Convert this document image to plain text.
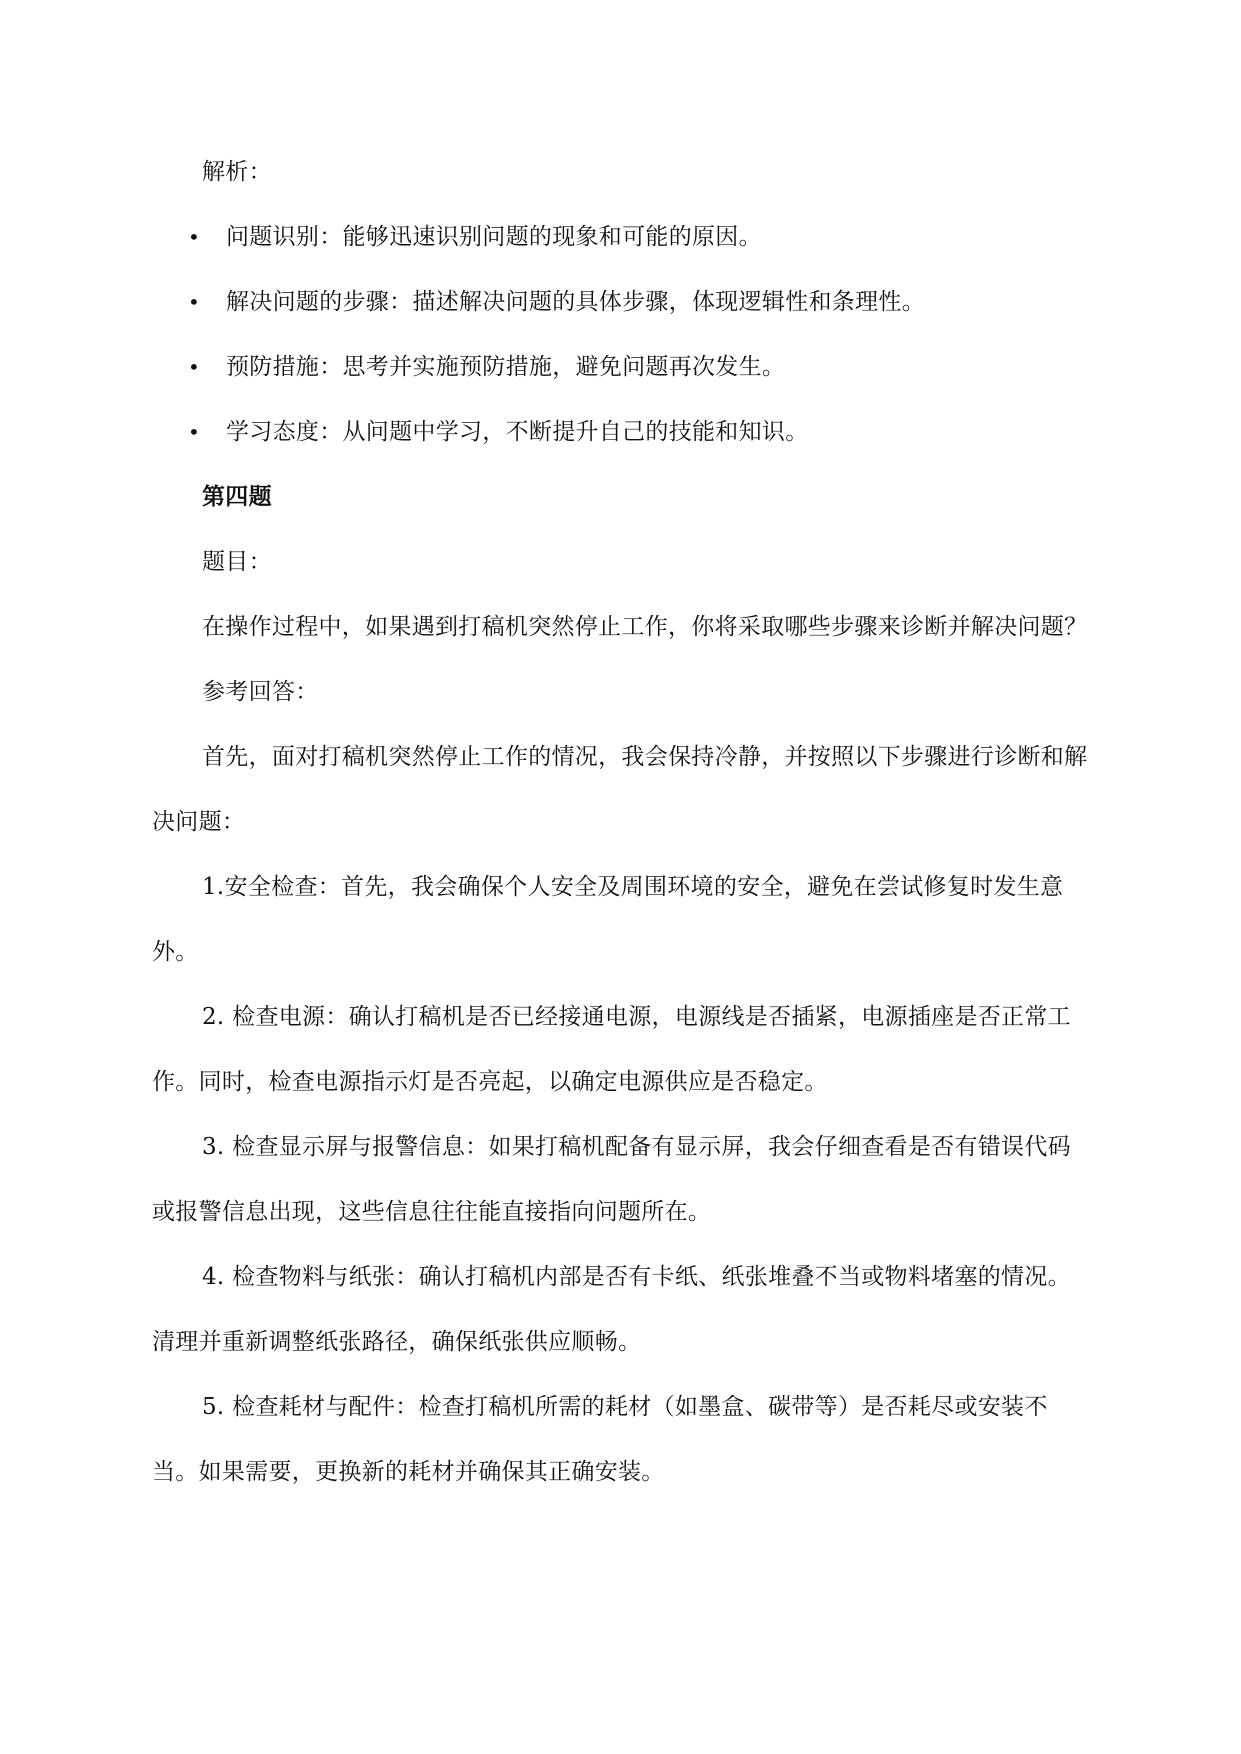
解析：

• 问题识别：能够迅速识别问题的现象和可能的原因。
• 解决问题的步骤：描述解决问题的具体步骤，体现逻辑性和条理性。
• 预防措施：思考并实施预防措施，避免问题再次发生。
• 学习态度：从问题中学习，不断提升自己的技能和知识。

第四题

题目：

在操作过程中，如果遇到打稿机突然停止工作，你将采取哪些步骤来诊断并解决问题？

参考回答：

首先，面对打稿机突然停止工作的情况，我会保持冷静，并按照以下步骤进行诊断和解决问题：

1.安全检查：首先，我会确保个人安全及周围环境的安全，避免在尝试修复时发生意外。

2. 检查电源：确认打稿机是否已经接通电源，电源线是否插紧，电源插座是否正常工作。同时，检查电源指示灯是否亮起，以确定电源供应是否稳定。

3. 检查显示屏与报警信息：如果打稿机配备有显示屏，我会仔细查看是否有错误代码或报警信息出现，这些信息往往能直接指向问题所在。

4. 检查物料与纸张：确认打稿机内部是否有卡纸、纸张堆叠不当或物料堵塞的情况。清理并重新调整纸张路径，确保纸张供应顺畅。

5. 检查耗材与配件：检查打稿机所需的耗材（如墨盒、碳带等）是否耗尽或安装不当。如果需要，更换新的耗材并确保其正确安装。
